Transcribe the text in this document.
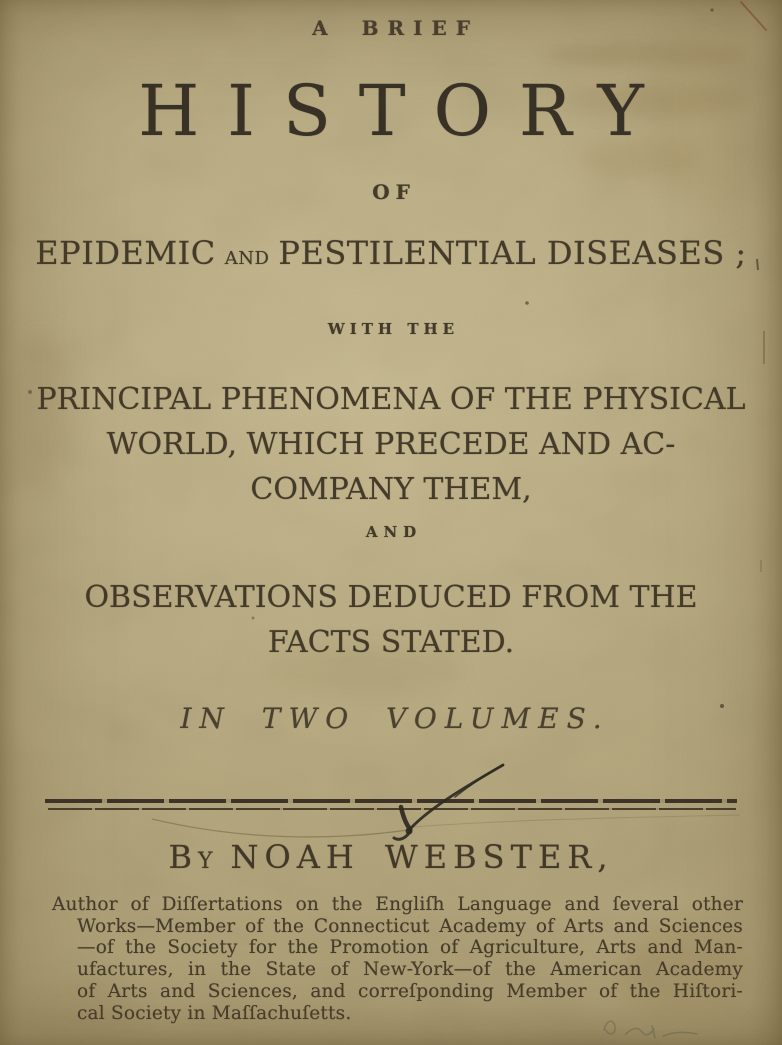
A BRIEF
HISTORY
OF
EPIDEMIC and PESTILENTIAL DISEASES ;
WITH THE
PRINCIPAL PHENOMENA OF THE PHYSICAL
WORLD, WHICH PRECEDE AND AC-
COMPANY THEM,
AND
OBSERVATIONS DEDUCED FROM THE
FACTS STATED.
IN TWO VOLUMES.
By NOAH WEBSTER,
Author of Diſſertations on the Engliſh Language and ſeveral other
Works—Member of the Connecticut Academy of Arts and Sciences
—of the Society for the Promotion of Agriculture, Arts and Man-
ufactures, in the State of New-York—of the American Academy
of Arts and Sciences, and correſponding Member of the Hiſtori-
cal Society in Maſſachuſetts.
